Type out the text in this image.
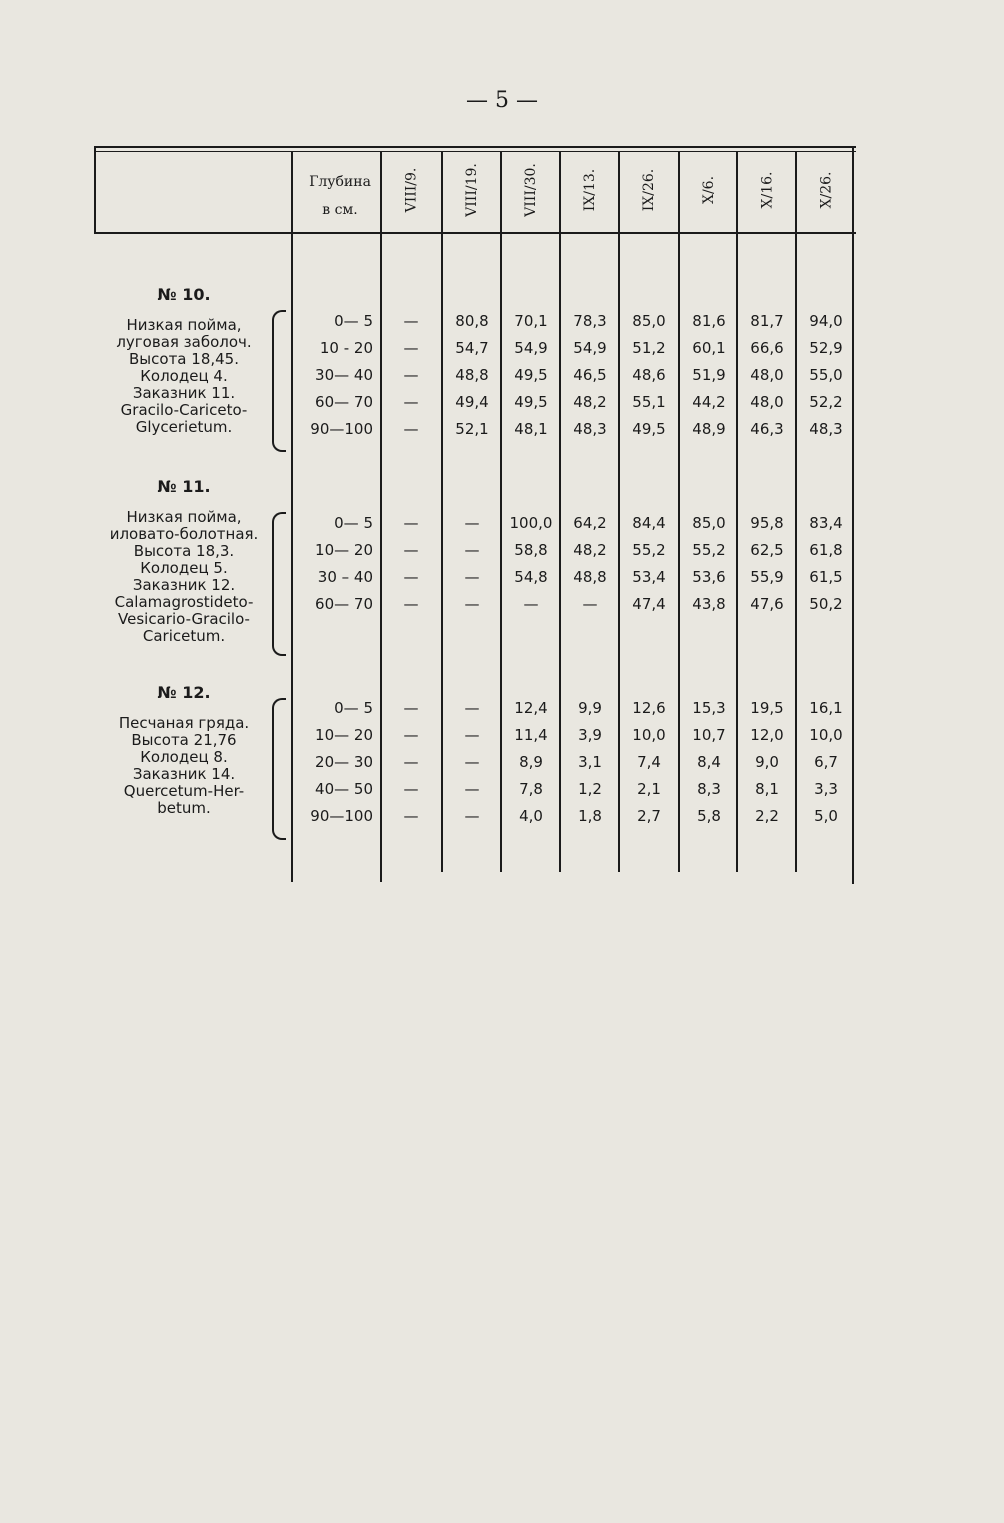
— 5 —
Глубина
в см.	VIII/9.	VIII/19.	VIII/30.	IX/13.	IX/26.	X/6.	X/16.	X/26.
№ 10.
Низкая пойма,
луговая заболоч.
Высота 18,45.
Колодец 4.
Заказник 11.
Gracilo-Cariceto-
Glycerietum.
0— 5	—	80,8	70,1	78,3	85,0	81,6	81,7	94,0
10 - 20	—	54,7	54,9	54,9	51,2	60,1	66,6	52,9
30— 40	—	48,8	49,5	46,5	48,6	51,9	48,0	55,0
60— 70	—	49,4	49,5	48,2	55,1	44,2	48,0	52,2
90—100	—	52,1	48,1	48,3	49,5	48,9	46,3	48,3
№ 11.
Низкая пойма,
иловато-болотная.
Высота 18,3.
Колодец 5.
Заказник 12.
Calamagrostideto-
Vesicario-Gracilo-
Caricetum.
0— 5	—	—	100,0	64,2	84,4	85,0	95,8	83,4
10— 20	—	—	58,8	48,2	55,2	55,2	62,5	61,8
30 – 40	—	—	54,8	48,8	53,4	53,6	55,9	61,5
60— 70	—	—	—	—	47,4	43,8	47,6	50,2
№ 12.
Песчаная гряда.
Высота 21,76
Колодец 8.
Заказник 14.
Quercetum-Her-
betum.
0— 5	—	—	12,4	9,9	12,6	15,3	19,5	16,1
10— 20	—	—	11,4	3,9	10,0	10,7	12,0	10,0
20— 30	—	—	8,9	3,1	7,4	8,4	9,0	6,7
40— 50	—	—	7,8	1,2	2,1	8,3	8,1	3,3
90—100	—	—	4,0	1,8	2,7	5,8	2,2	5,0
